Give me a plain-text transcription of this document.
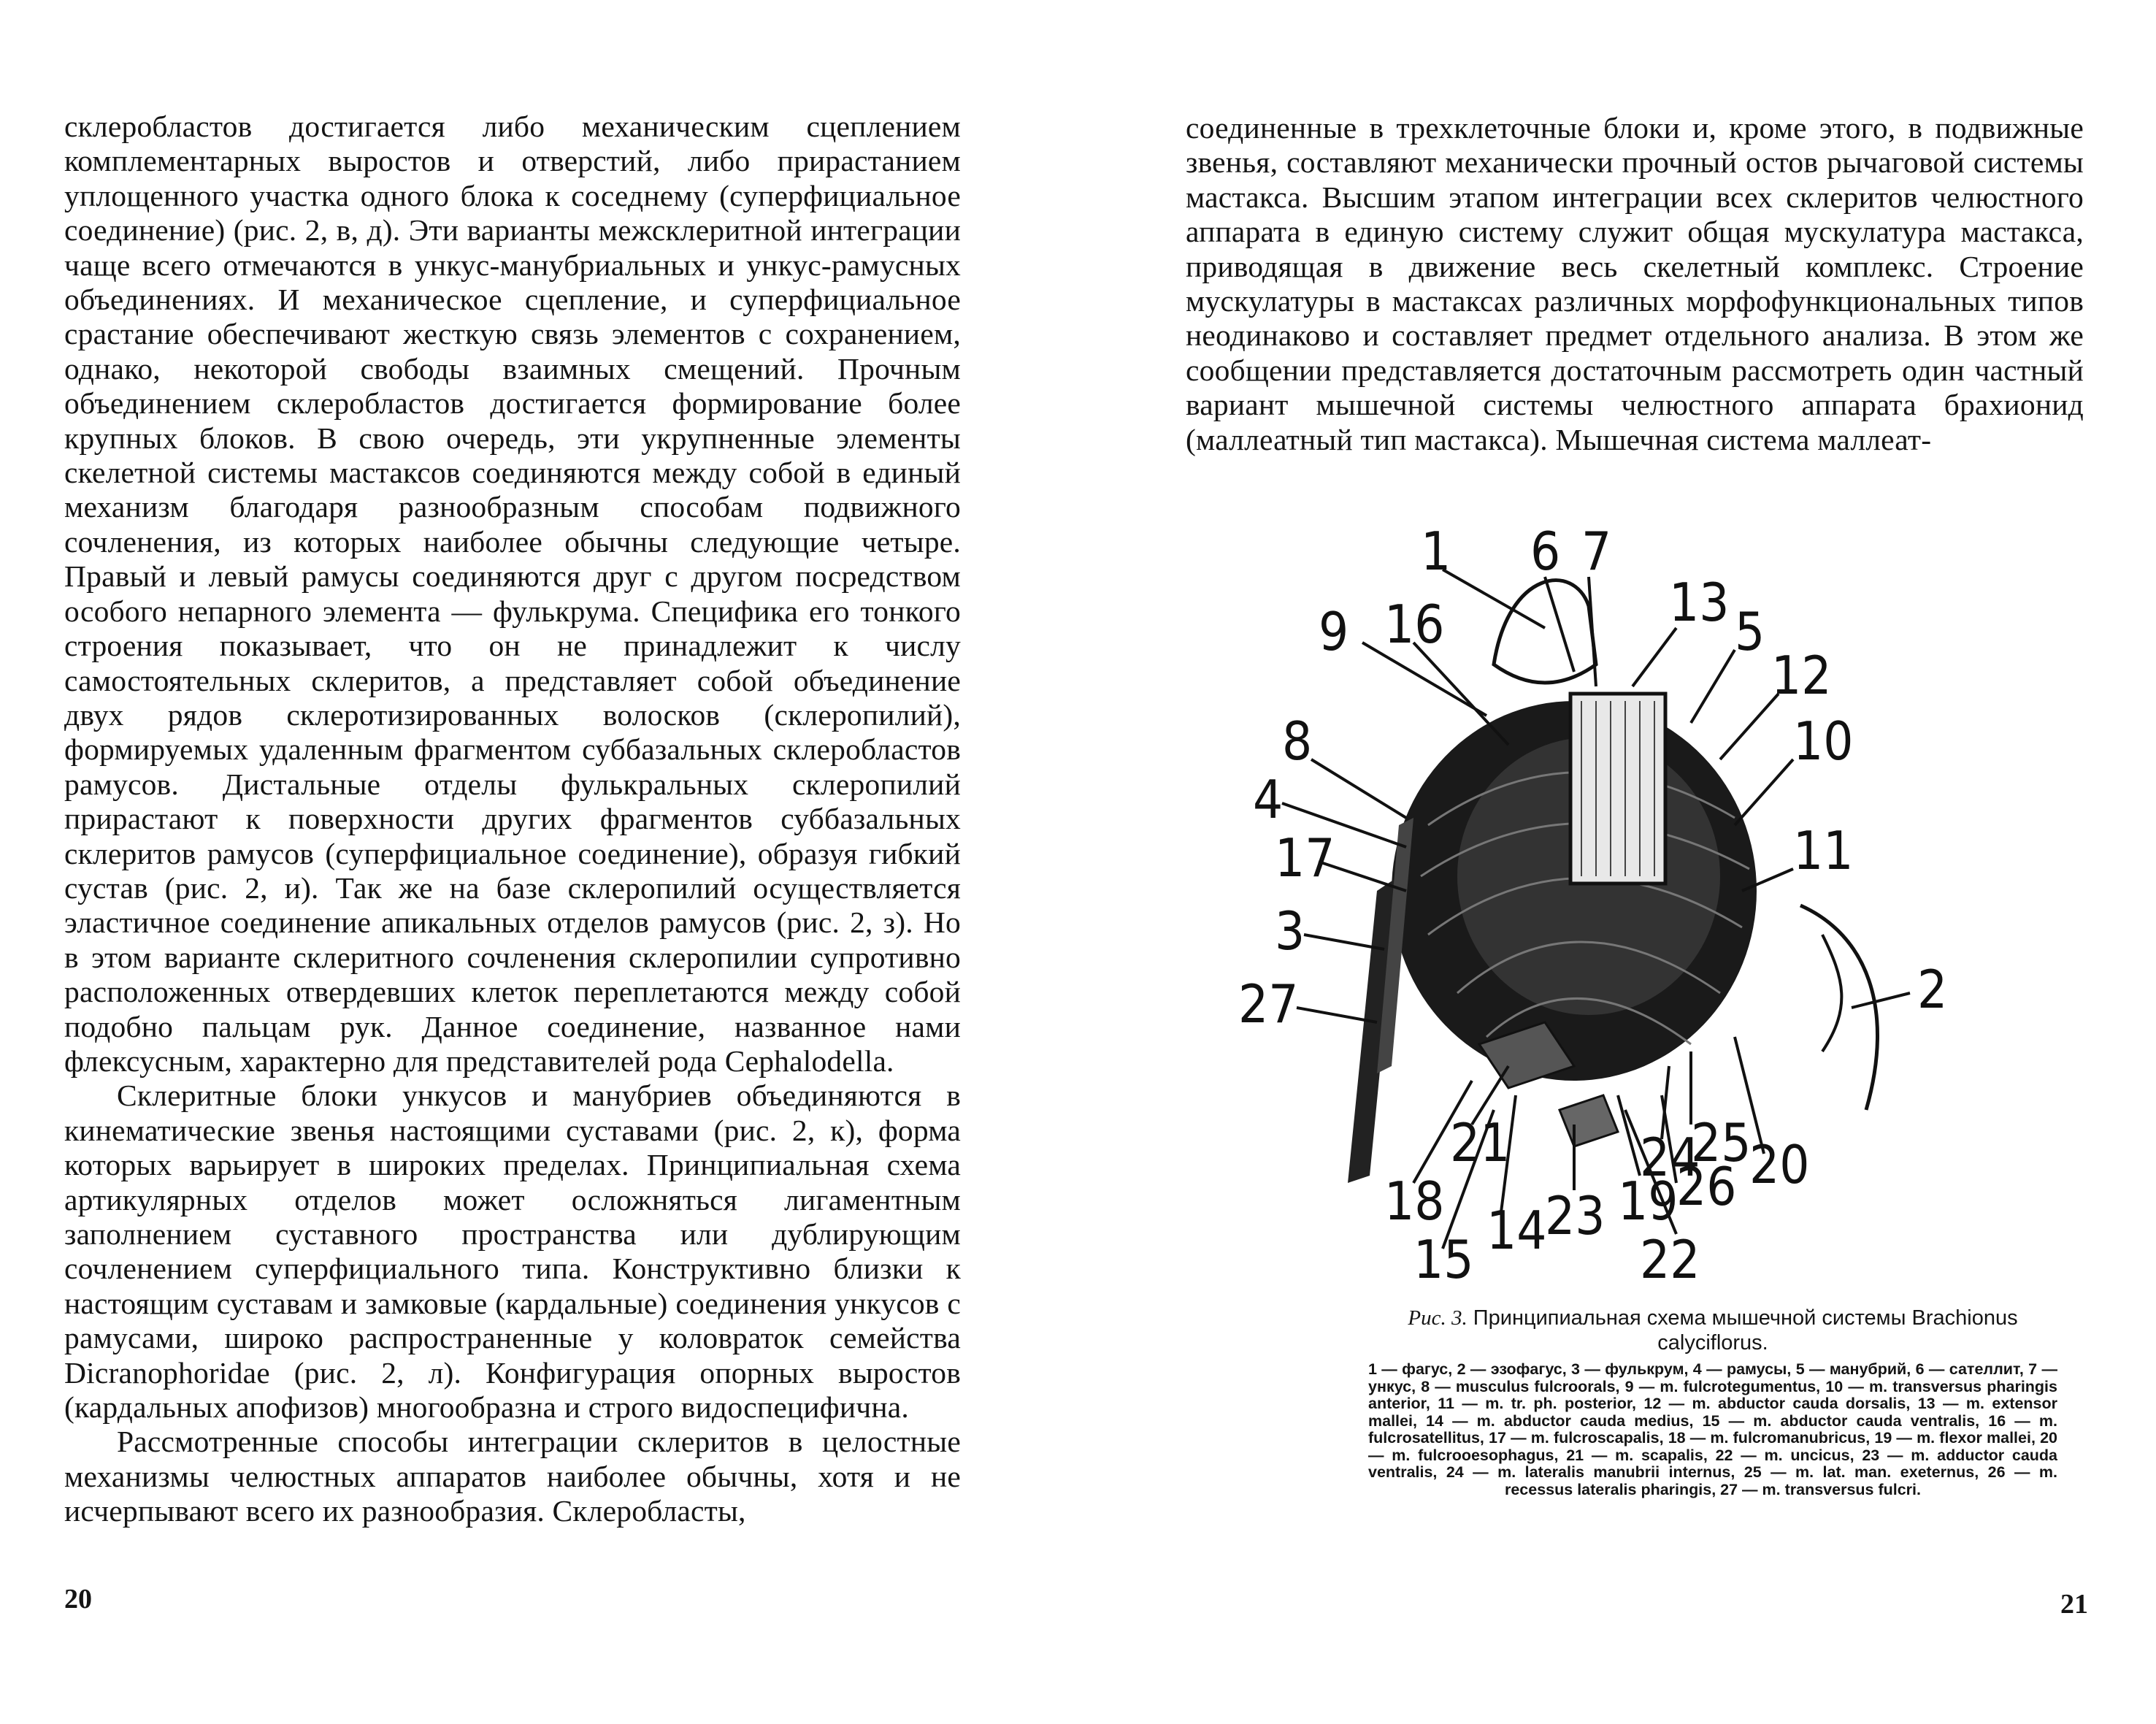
склеробластов достигается либо механическим сцеплением комплементарных выростов и отверстий, либо прирастанием уплощенного участка одного блока к соседнему (суперфициальное соединение) (рис. 2, в, д). Эти варианты межсклеритной интеграции чаще всего отмечаются в ункус-манубриальных и ункус-рамусных объединениях. И механическое сцепление, и суперфициальное срастание обеспечивают жесткую связь элементов с сохранением, однако, некоторой свободы взаимных смещений. Прочным объединением склеробластов достигается формирование более крупных блоков. В свою очередь, эти укрупненные элементы скелетной системы мастаксов соединяются между собой в единый механизм благодаря разнообразным способам подвижного сочленения, из которых наиболее обычны следующие четыре. Правый и левый рамусы соединяются друг с другом посредством особого непарного элемента — фулькрума. Специфика его тонкого строения показывает, что он не принадлежит к числу самостоятельных склеритов, а представляет собой объединение двух рядов склеротизированных волосков (склеропилий), формируемых удаленным фрагментом суббазальных склеробластов рамусов. Дистальные отделы фулькральных склеропилий прирастают к поверхности других фрагментов суббазальных склеритов рамусов (суперфициальное соединение), образуя гибкий сустав (рис. 2, и). Так же на базе склеропилий осуществляется эластичное соединение апикальных отделов рамусов (рис. 2, з). Но в этом варианте склеритного сочленения склеропилии супротивно расположенных отвердевших клеток переплетаются между собой подобно пальцам рук. Данное соединение, названное нами флексусным, характерно для представителей рода Cephalodella.

Склеритные блоки ункусов и манубриев объединяются в кинематические звенья настоящими суставами (рис. 2, к), форма которых варьирует в широких пределах. Принципиальная схема артикулярных отделов может осложняться лигаментным заполнением суставного пространства или дублирующим сочленением суперфициального типа. Конструктивно близки к настоящим суставам и замковые (кардальные) соединения ункусов с рамусами, широко распространенные у коловраток семейства Dicranophoridae (рис. 2, л). Конфигурация опорных выростов (кардальных апофизов) многообразна и строго видоспецифична.

Рассмотренные способы интеграции склеритов в целостные механизмы челюстных аппаратов наиболее обычны, хотя и не исчерпывают всего их разнообразия. Склеробласты,

20

соединенные в трехклеточные блоки и, кроме этого, в подвижные звенья, составляют механически прочный остов рычаговой системы мастакса. Высшим этапом интеграции всех склеритов челюстного аппарата в единую систему служит общая мускулатура мастакса, приводящая в движение весь скелетный комплекс. Строение мускулатуры в мастаксах различных морфофункциональных типов неодинаково и составляет предмет отдельного анализа. В этом же сообщении представляется достаточным рассмотреть один частный вариант мышечной системы челюстного аппарата брахионид (маллеатный тип мастакса). Мышечная система маллеат-

1 6 7
13 5
9 16
12
10
8
11
4
17
3
2
27
21 24
25
20
18	19
26
14
23
15	22
Рис. 3. Принципиальная схема мышечной системы Brachionus calyciflorus.
1 — фагус, 2 — эзофагус, 3 — фулькрум, 4 — рамусы, 5 — манубрий, 6 — сателлит, 7 — ункус, 8 — musculus fulcroorals, 9 — m. fulcrotegumentus, 10 — m. transversus pharingis anterior, 11 — m. tr. ph. posterior, 12 — m. abductor cauda dorsalis, 13 — m. extensor mallei, 14 — m. abductor cauda medius, 15 — m. abductor cauda ventralis, 16 — m. fulcrosatellitus, 17 — m. fulcroscapalis, 18 — m. fulcromanubricus, 19 — m. flexor mallei, 20 — m. fulcrooesophagus, 21 — m. scapalis, 22 — m. uncicus, 23 — m. adductor cauda ventralis, 24 — m. lateralis manubrii internus, 25 — m. lat. man. exeternus, 26 — m. recessus lateralis pharingis, 27 — m. transversus fulcri.
21
